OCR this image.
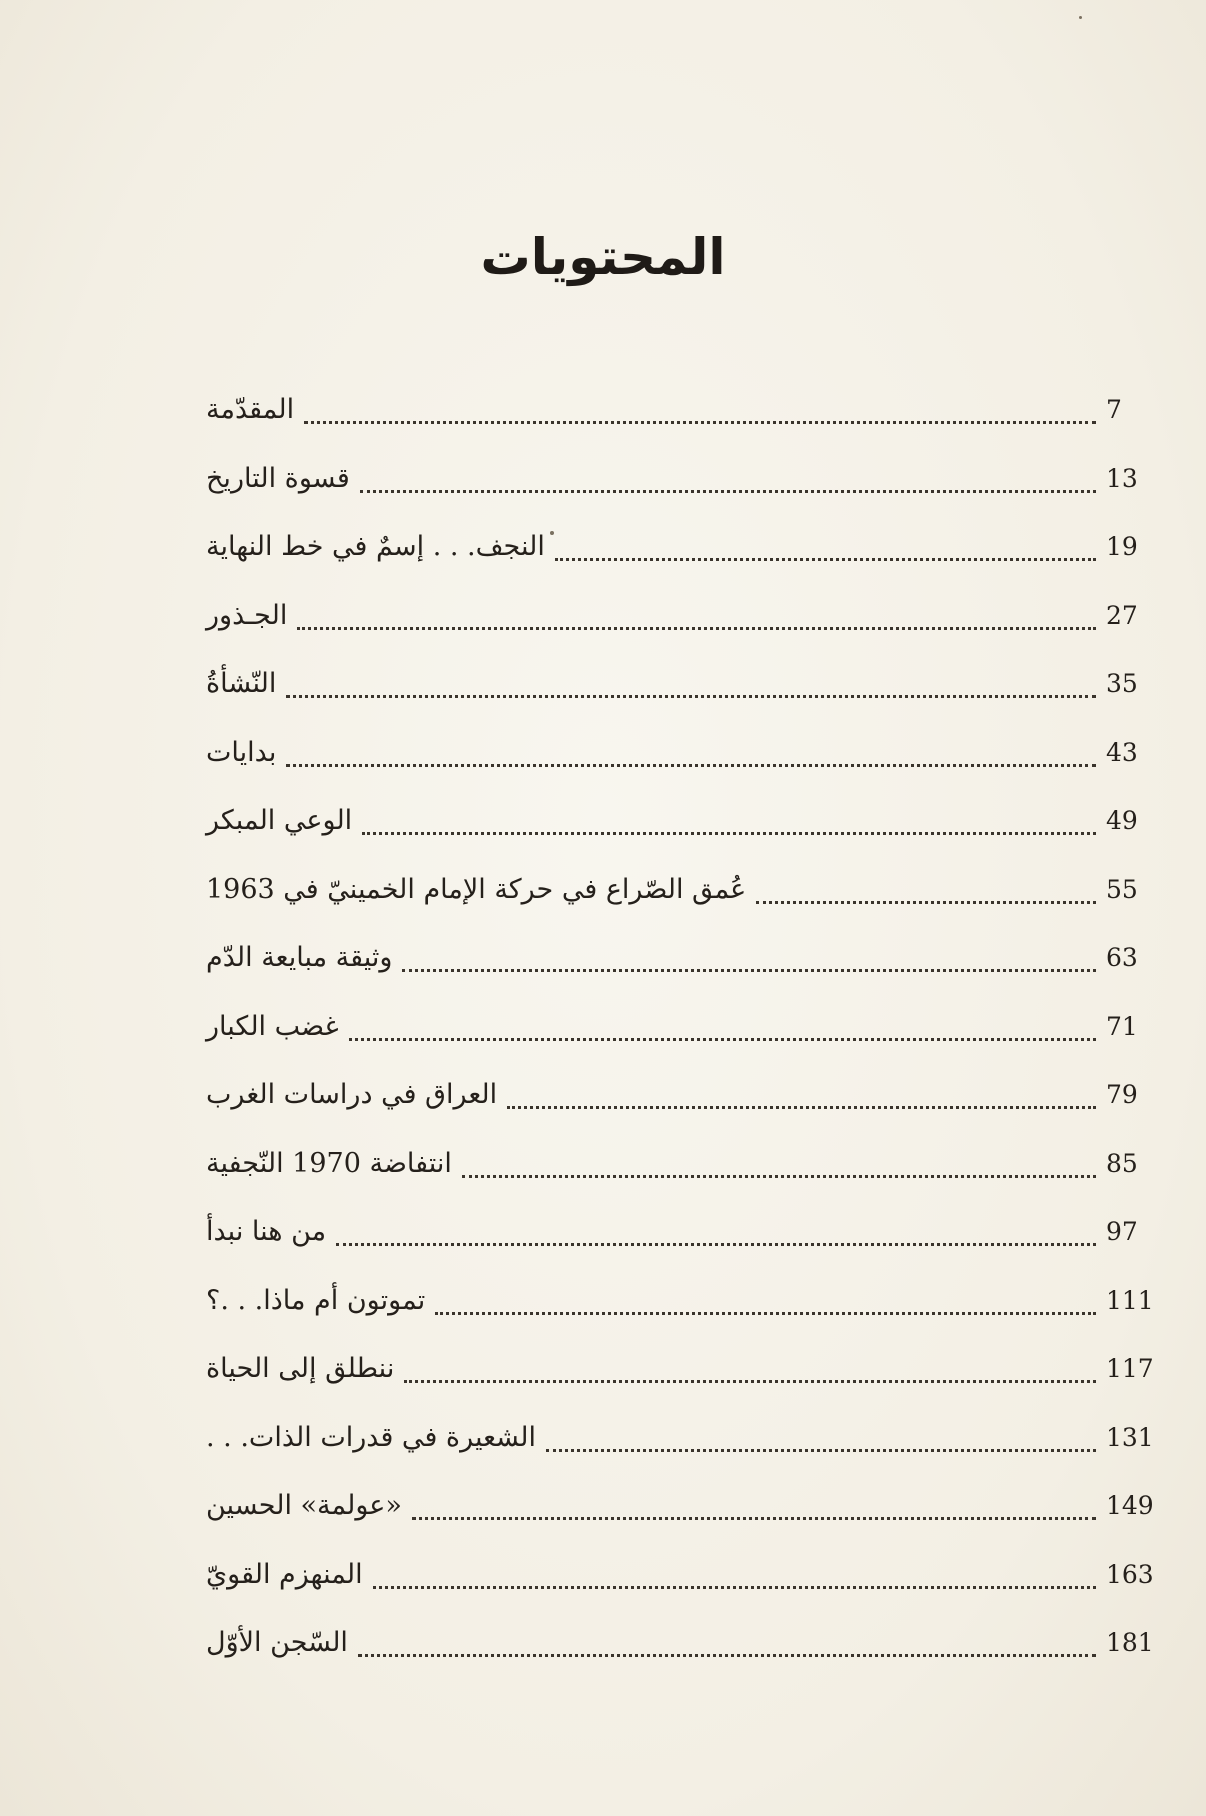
المحتويات
المقدّمة	7
قسوة التاريخ	13
النجف. . . إسمٌ في خط النهاية	19
الجـذور	27
النّشأةُ	35
بدايات	43
الوعي المبكر	49
عُمق الصّراع في حركة الإمام الخمينيّ في 1963	55
وثيقة مبايعة الدّم	63
غضب الكبار	71
العراق في دراسات الغرب	79
انتفاضة 1970 النّجفية	85
من هنا نبدأ	97
تموتون أم ماذا. . .؟	111
ننطلق إلى الحياة	117
الشعيرة في قدرات الذات. . .	131
«عولمة» الحسين	149
المنهزم القويّ	163
السّجن الأوّل	181
